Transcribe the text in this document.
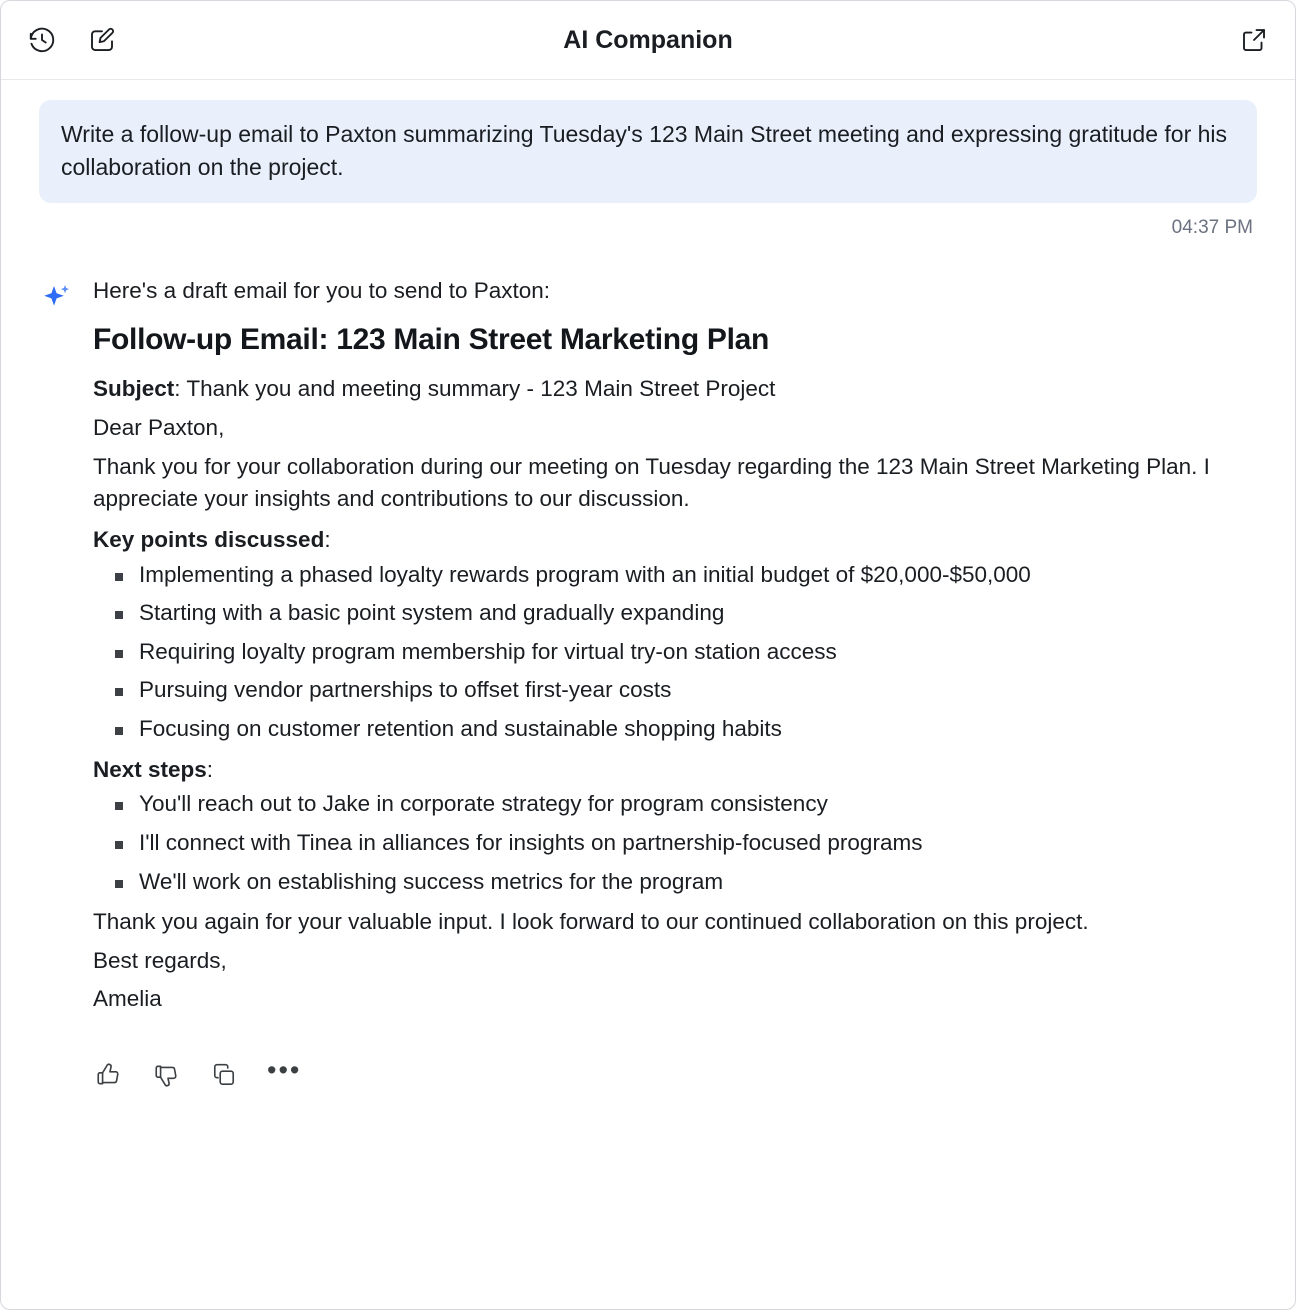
AI Companion
Write a follow-up email to Paxton summarizing Tuesday's 123 Main Street meeting and expressing gratitude for his collaboration on the project.
04:37 PM

Here's a draft email for you to send to Paxton:

Follow-up Email: 123 Main Street Marketing Plan

Subject: Thank you and meeting summary - 123 Main Street Project

Dear Paxton,

Thank you for your collaboration during our meeting on Tuesday regarding the 123 Main Street Marketing Plan. I appreciate your insights and contributions to our discussion.

Key points discussed:

Implementing a phased loyalty rewards program with an initial budget of $20,000-$50,000
Starting with a basic point system and gradually expanding
Requiring loyalty program membership for virtual try-on station access
Pursuing vendor partnerships to offset first-year costs
Focusing on customer retention and sustainable shopping habits

Next steps:

You'll reach out to Jake in corporate strategy for program consistency
I'll connect with Tinea in alliances for insights on partnership-focused programs
We'll work on establishing success metrics for the program

Thank you again for your valuable input. I look forward to our continued collaboration on this project.

Best regards,

Amelia

•••
